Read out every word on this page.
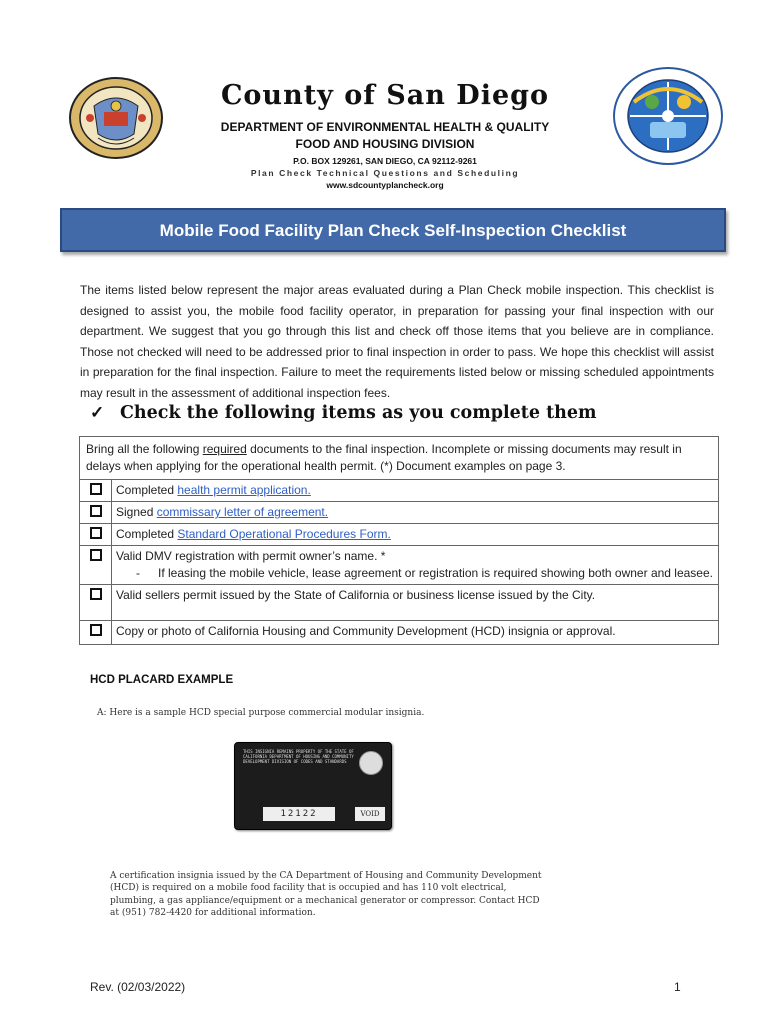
County of San Diego
DEPARTMENT OF ENVIRONMENTAL HEALTH & QUALITY
FOOD AND HOUSING DIVISION
P.O. BOX 129261, SAN DIEGO, CA 92112-9261
Plan Check Technical Questions and Scheduling
www.sdcountyplancheck.org
Mobile Food Facility Plan Check Self-Inspection Checklist
The items listed below represent the major areas evaluated during a Plan Check mobile inspection. This checklist is designed to assist you, the mobile food facility operator, in preparation for passing your final inspection with our department. We suggest that you go through this list and check off those items that you believe are in compliance. Those not checked will need to be addressed prior to final inspection in order to pass. We hope this checklist will assist in preparation for the final inspection. Failure to meet the requirements listed below or missing scheduled appointments may result in the assessment of additional inspection fees.
✓ Check the following items as you complete them
Bring all the following required documents to the final inspection. Incomplete or missing documents may result in delays when applying for the operational health permit. (*) Document examples on page 3.	
	Completed health permit application.
	Signed commissary letter of agreement.
	Completed Standard Operational Procedures Form.

	Valid DMV registration with permit owner’s name. *
- If leasing the mobile vehicle, lease agreement or registration is required showing both owner and leasee.

	Valid sellers permit issued by the State of California or business license issued by the City.
	Copy or photo of California Housing and Community Development (HCD) insignia or approval.
HCD PLACARD EXAMPLE
A: Here is a sample HCD special purpose commercial modular insignia.
THIS INSIGNIA REMAINS PROPERTY OF THE STATE OF CALIFORNIA DEPARTMENT OF HOUSING AND COMMUNITY DEVELOPMENT DIVISION OF CODES AND STANDARDS
12122	VOID
A certification insignia issued by the CA Department of Housing and Community Development (HCD) is required on a mobile food facility that is occupied and has 110 volt electrical, plumbing, a gas appliance/equipment or a mechanical generator or compressor. Contact HCD at (951) 782-4420 for additional information.
Rev. (02/03/2022)	1
